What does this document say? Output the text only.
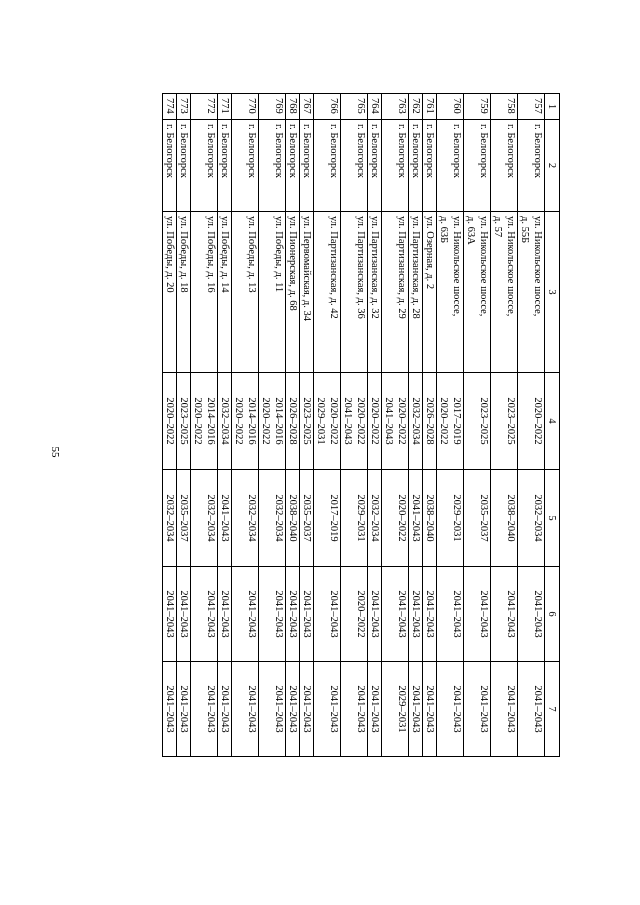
55
1	2	3	4	5	6	7
757	г. Белогорск	ул. Никольское шоссе,
д. 55Б	2020–2022	2032–2034	2041–2043	2041–2043
758	г. Белогорск	ул. Никольское шоссе,
д. 57	2023–2025	2038–2040	2041–2043	2041–2043
759	г. Белогорск	ул. Никольское шоссе,
д. 63А	2023–2025	2035–2037	2041–2043	2041–2043
760	г. Белогорск	ул. Никольское шоссе,
д. 63Б	2017–2019
2020–2022	2029–2031	2041–2043	2041–2043
761	г. Белогорск	ул. Озерная, д. 2	2026–2028	2038–2040	2041–2043	2041–2043
762	г. Белогорск	ул. Партизанская, д. 28	2032–2034	2041–2043	2041–2043	2041–2043
763	г. Белогорск	ул. Партизанская, д. 29	2020–2022
2041–2043	2020–2022	2041–2043	2029–2031
764	г. Белогорск	ул. Партизанская, д. 32	2020–2022	2032–2034	2041–2043	2041–2043
765	г. Белогорск	ул. Партизанская, д. 36	2020–2022
2041–2043	2029–2031	2020–2022	2041–2043
766	г. Белогорск	ул. Партизанская, д. 42	2020–2022
2029–2031	2017–2019	2041–2043	2041–2043
767	г. Белогорск	ул. Первомайская, д. 34	2023–2025	2035–2037	2041–2043	2041–2043
768	г. Белогорск	ул. Пионерская, д. 68	2026–2028	2038–2040	2041–2043	2041–2043
769	г. Белогорск	ул. Победы, д. 11	2014–2016
2020–2022	2032–2034	2041–2043	2041–2043
770	г. Белогорск	ул. Победы, д. 13	2014–2016
2020–2022	2032–2034	2041–2043	2041–2043
771	г. Белогорск	ул. Победы, д. 14	2032–2034	2041–2043	2041–2043	2041–2043
772	г. Белогорск	ул. Победы, д. 16	2014–2016
2020–2022	2032–2034	2041–2043	2041–2043
773	г. Белогорск	ул. Победы, д. 18	2023–2025	2035–2037	2041–2043	2041–2043
774	г. Белогорск	ул. Победы, д. 20	2020–2022	2032–2034	2041–2043	2041–2043
